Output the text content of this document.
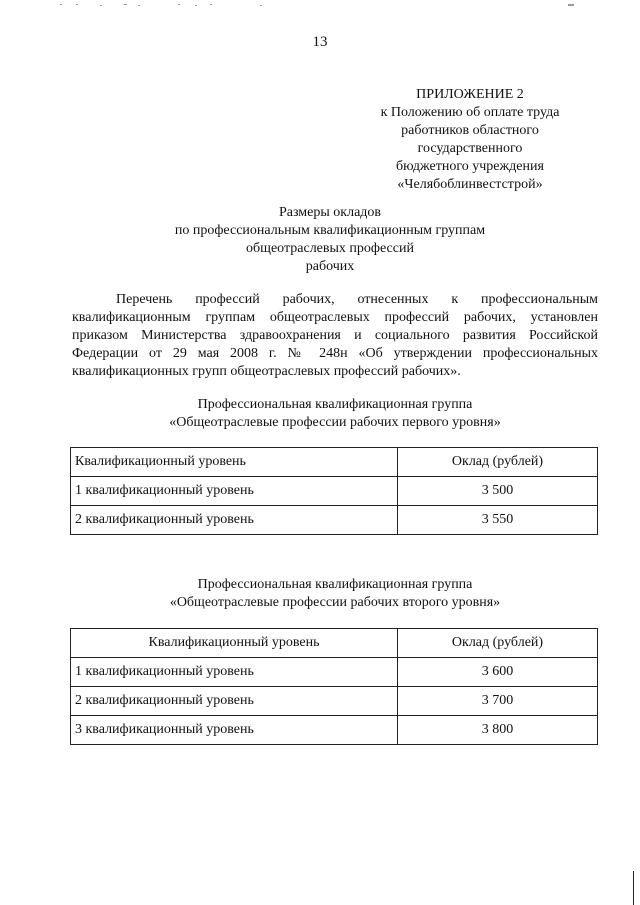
13
ПРИЛОЖЕНИЕ 2
к Положению об оплате труда
работников областного
государственного
бюджетного учреждения
«Челябоблинвестстрой»
Размеры окладов
по профессиональным квалификационным группам
общеотраслевых профессий
рабочих
Перечень профессий рабочих, отнесенных к профессиональным квалификационным группам общеотраслевых профессий рабочих, установлен приказом Министерства здравоохранения и социального развития Российской Федерации от 29 мая 2008 г. № 248н «Об утверждении профессиональных квалификационных групп общеотраслевых профессий рабочих».
Профессиональная квалификационная группа
«Общеотраслевые профессии рабочих первого уровня»
Квалификационный уровень	Оклад (рублей)
1 квалификационный уровень	3 500
2 квалификационный уровень	3 550
Профессиональная квалификационная группа
«Общеотраслевые профессии рабочих второго уровня»
Квалификационный уровень	Оклад (рублей)
1 квалификационный уровень	3 600
2 квалификационный уровень	3 700
3 квалификационный уровень	3 800
